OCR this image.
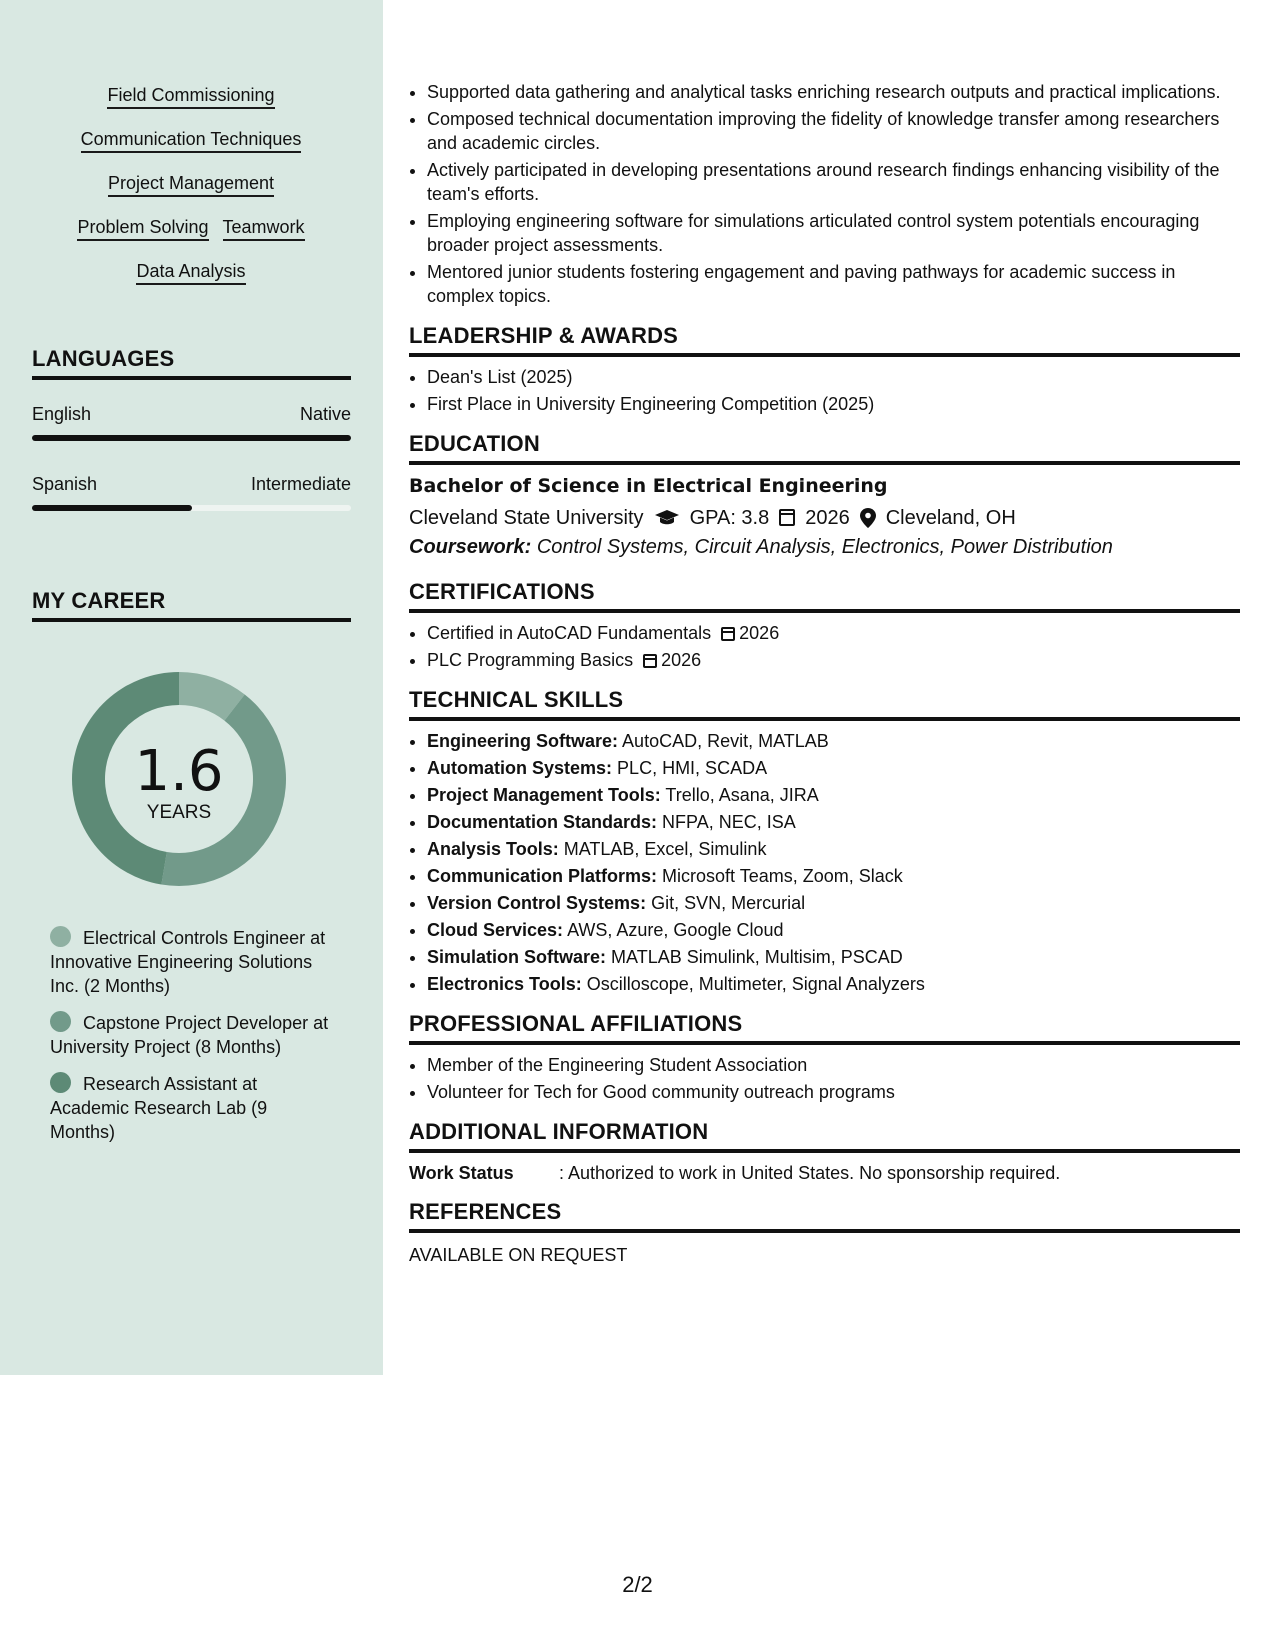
Field Commissioning
Communication Techniques
Project Management
Problem Solving Teamwork
Data Analysis
LANGUAGES
English	Native
Spanish	Intermediate
MY CAREER
1.6
YEARS
Electrical Controls Engineer at Innovative Engineering Solutions Inc. (2 Months)
Capstone Project Developer at University Project (8 Months)
Research Assistant at Academic Research Lab (9 Months)
• Supported data gathering and analytical tasks enriching research outputs and practical implications.
• Composed technical documentation improving the fidelity of knowledge transfer among researchers and academic circles.
• Actively participated in developing presentations around research findings enhancing visibility of the team's efforts.
• Employing engineering software for simulations articulated control system potentials encouraging broader project assessments.
• Mentored junior students fostering engagement and paving pathways for academic success in complex topics.
LEADERSHIP & AWARDS
• Dean's List (2025)
• First Place in University Engineering Competition (2025)
EDUCATION
Bachelor of Science in Electrical Engineering
Cleveland State University GPA: 3.8 2026 Cleveland, OH
Coursework: Control Systems, Circuit Analysis, Electronics, Power Distribution
CERTIFICATIONS
• Certified in AutoCAD Fundamentals 2026
• PLC Programming Basics 2026
TECHNICAL SKILLS
• Engineering Software: AutoCAD, Revit, MATLAB
• Automation Systems: PLC, HMI, SCADA
• Project Management Tools: Trello, Asana, JIRA
• Documentation Standards: NFPA, NEC, ISA
• Analysis Tools: MATLAB, Excel, Simulink
• Communication Platforms: Microsoft Teams, Zoom, Slack
• Version Control Systems: Git, SVN, Mercurial
• Cloud Services: AWS, Azure, Google Cloud
• Simulation Software: MATLAB Simulink, Multisim, PSCAD
• Electronics Tools: Oscilloscope, Multimeter, Signal Analyzers
PROFESSIONAL AFFILIATIONS
• Member of the Engineering Student Association
• Volunteer for Tech for Good community outreach programs
ADDITIONAL INFORMATION
Work Status	: Authorized to work in United States. No sponsorship required.
REFERENCES
AVAILABLE ON REQUEST
2/2
